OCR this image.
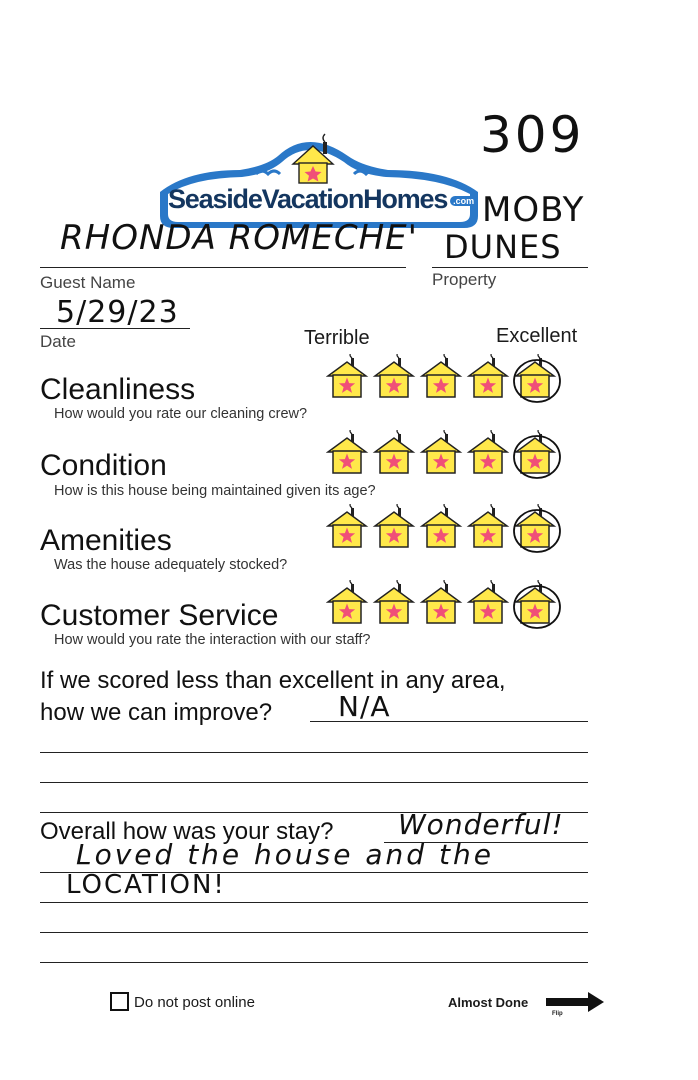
309
SeasideVacationHomes .com MOBY
DUNES
RHONDA ROMECHE'
Guest Name	Property
5/29/23
Date	Terrible	Excellent
Cleanliness
How would you rate our cleaning crew?
Condition
How is this house being maintained given its age?
Amenities
Was the house adequately stocked?
Customer Service
How would you rate the interaction with our staff?
If we scored less than excellent in any area,
how we can improve? N/A
Overall how was your stay? Wonderful!
Loved the house and the
LOCATION!
Do not post online	Almost Done
Flip
